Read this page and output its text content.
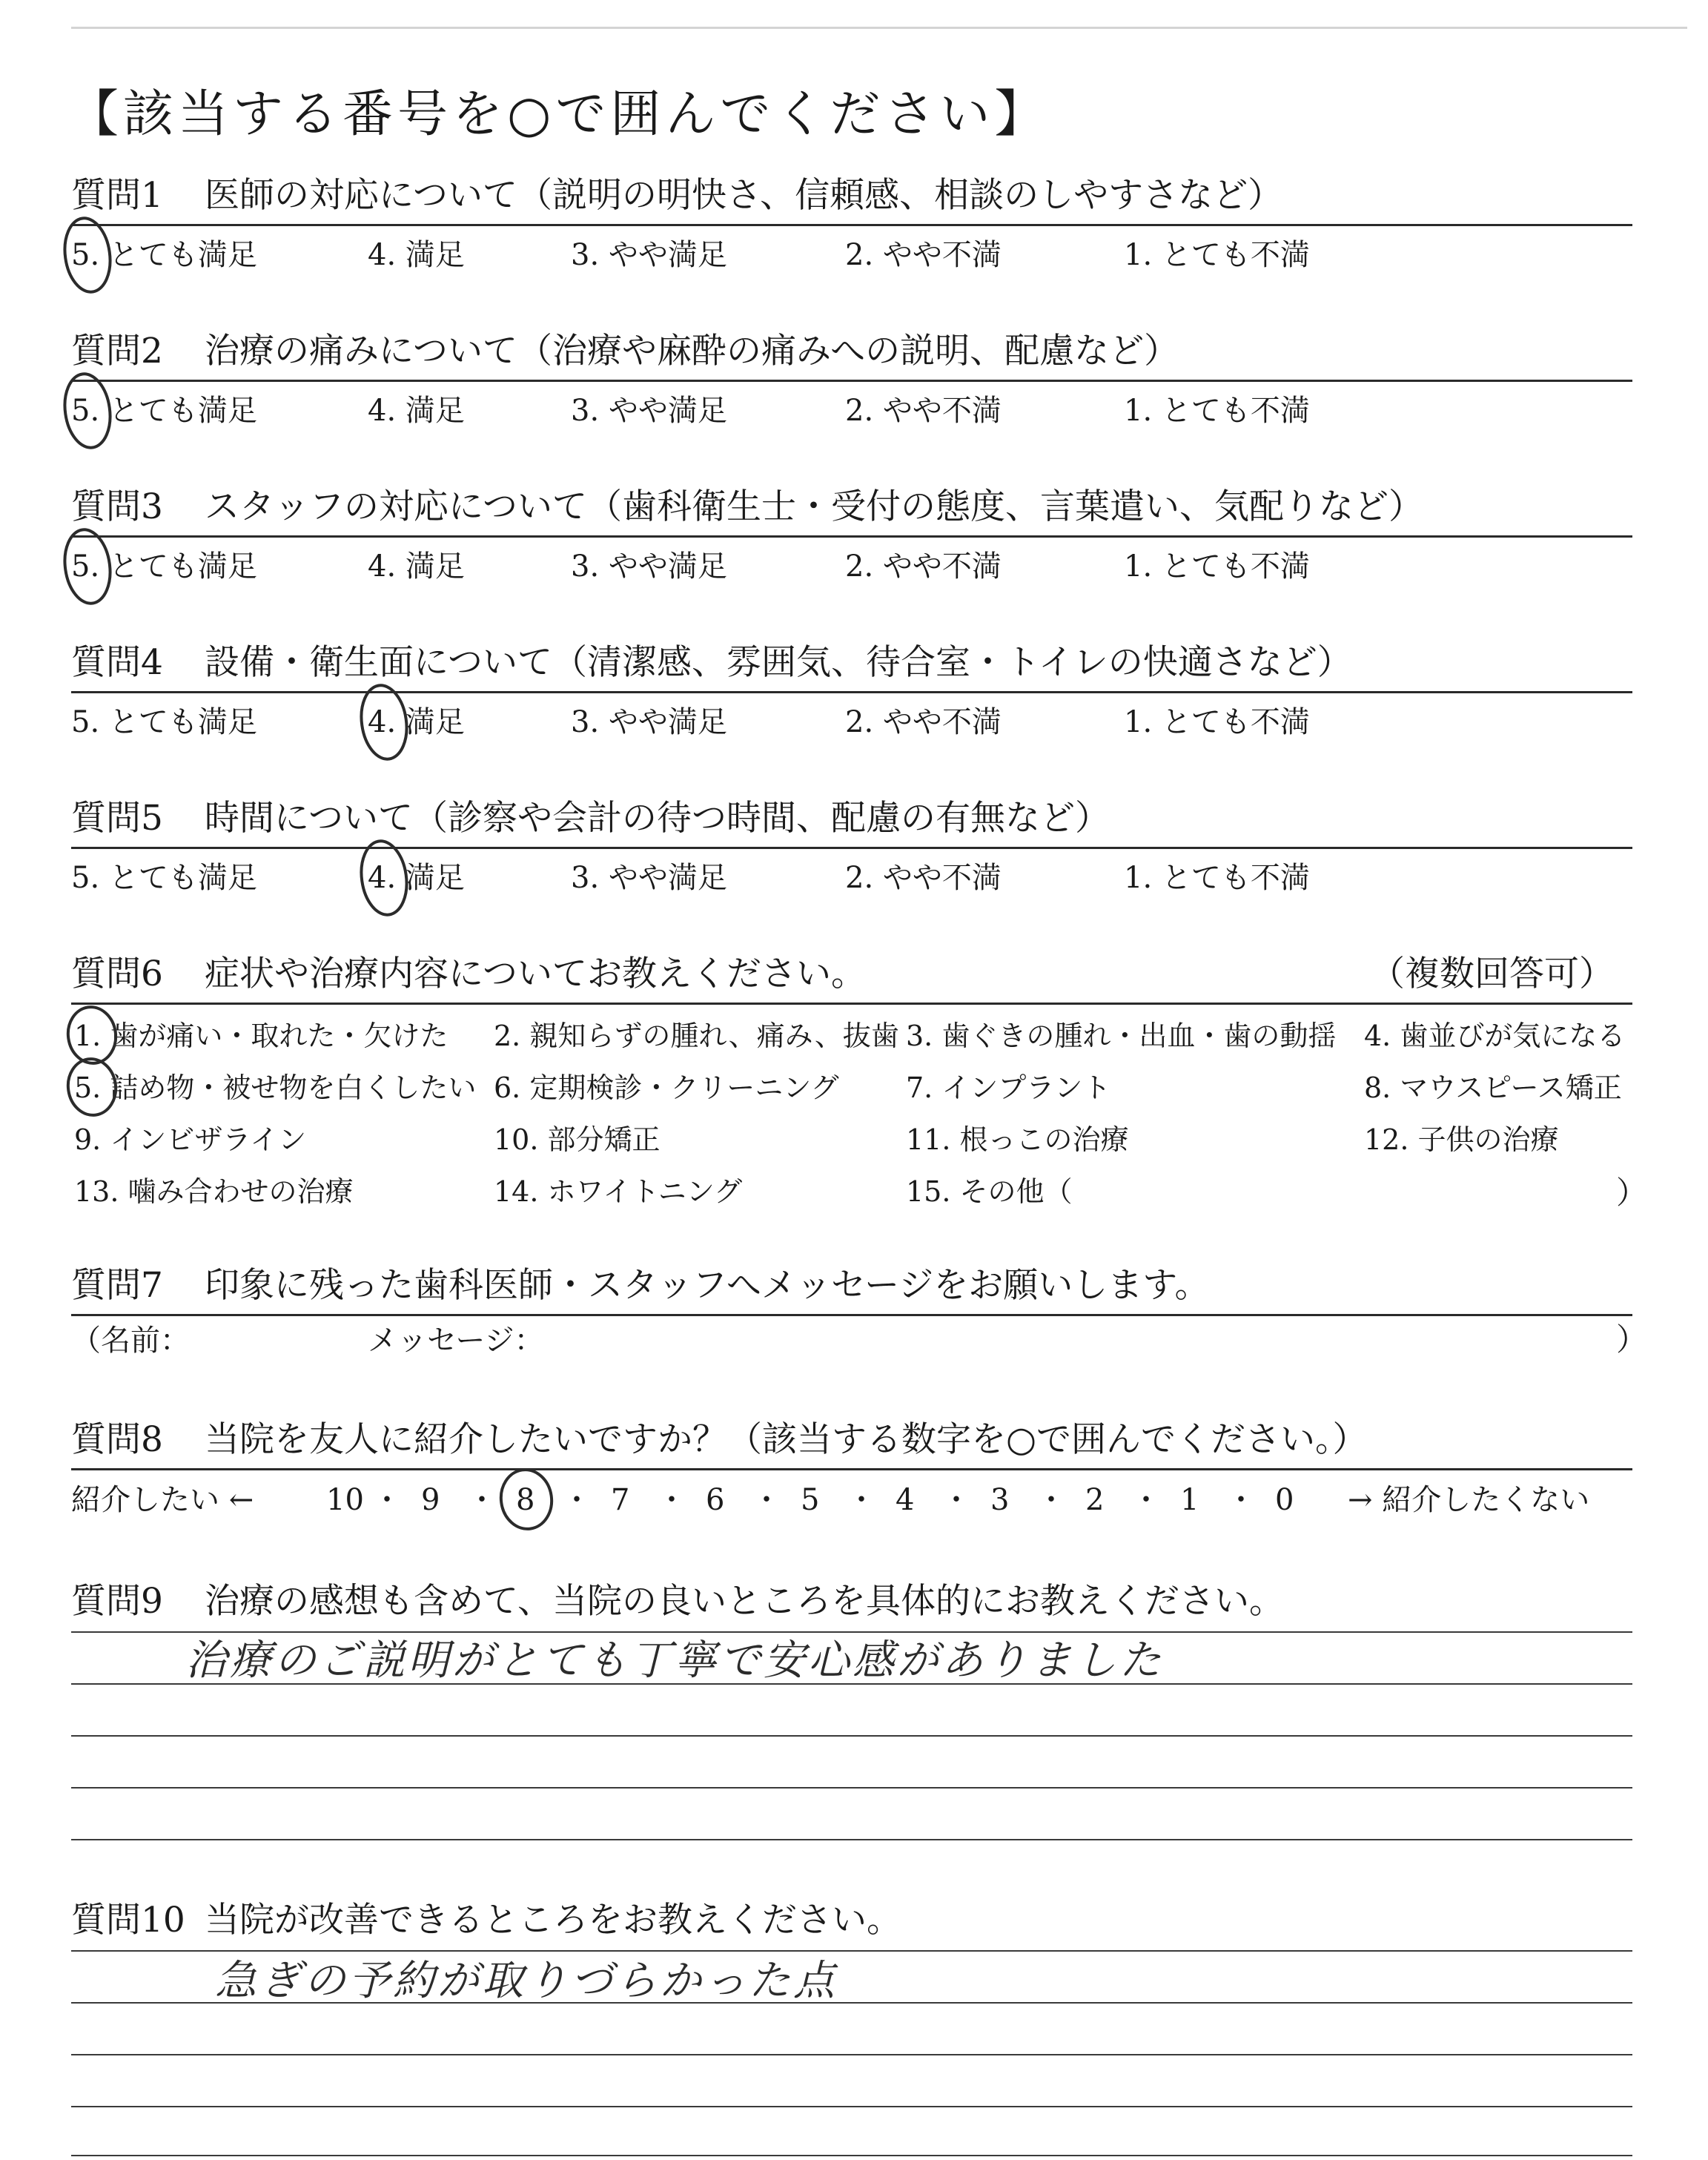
【該当する番号を○で囲んでください】
質問1 医師の対応について（説明の明快さ、信頼感、相談のしやすさなど）
5. とても満足	4. 満足	3. やや満足	2. やや不満	1. とても不満
質問2 治療の痛みについて（治療や麻酔の痛みへの説明、配慮など）
5. とても満足	4. 満足	3. やや満足	2. やや不満	1. とても不満
質問3 スタッフの対応について（歯科衛生士・受付の態度、言葉遣い、気配りなど）
5. とても満足	4. 満足	3. やや満足	2. やや不満	1. とても不満
質問4 設備・衛生面について（清潔感、雰囲気、待合室・トイレの快適さなど）
5. とても満足	4. 満足	3. やや満足	2. やや不満	1. とても不満
質問5 時間について（診察や会計の待つ時間、配慮の有無など）
5. とても満足	4. 満足	3. やや満足	2. やや不満	1. とても不満
質問6 症状や治療内容についてお教えください。	（複数回答可）
1. 歯が痛い・取れた・欠けた 2. 親知らずの腫れ、痛み、抜歯 3. 歯ぐきの腫れ・出血・歯の動揺 4. 歯並びが気になる
5. 詰め物・被せ物を白くしたい 6. 定期検診・クリーニング 7. インプラント	8. マウスピース矯正
9. インビザライン	10. 部分矯正	11. 根っこの治療	12. 子供の治療
13. 噛み合わせの治療	14. ホワイトニング	15. その他（	）
質問7 印象に残った歯科医師・スタッフへメッセージをお願いします。
（名前：	メッセージ：	）
質問8 当院を友人に紹介したいですか？（該当する数字を○で囲んでください。）
紹介したい ← 10 ・ 9 ・ 8 ・ 7 ・ 6 ・ 5 ・ 4 ・ 3 ・ 2 ・ 1 ・ 0 → 紹介したくない
質問9 治療の感想も含めて、当院の良いところを具体的にお教えください。
治療のご説明がとても丁寧で安心感がありました
質問10 当院が改善できるところをお教えください。
急ぎの予約が取りづらかった点
